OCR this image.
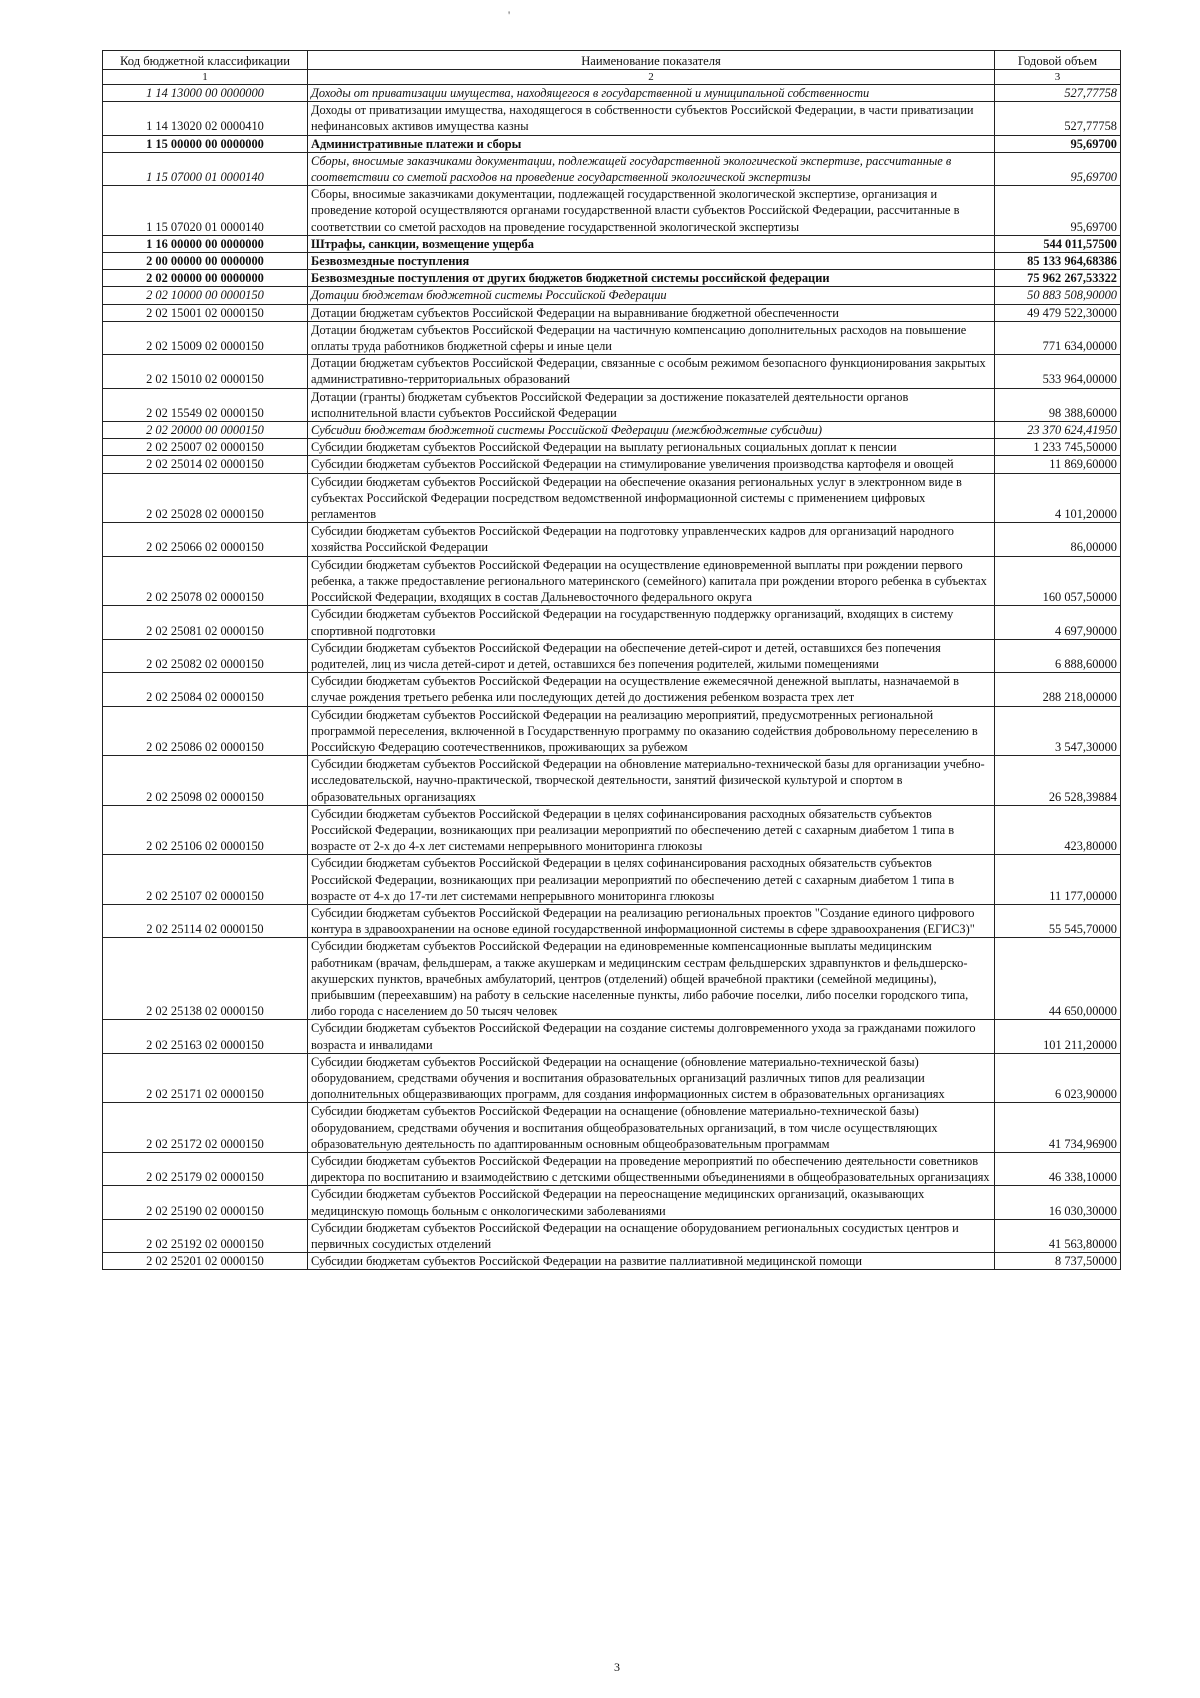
'
Код бюджетной классификации	Наименование показателя	Годовой объем
1	2	3
1 14 13000 00 0000000	Доходы от приватизации имущества, находящегося в государственной и муниципальной собственности	527,77758
1 14 13020 02 0000410	Доходы от приватизации имущества, находящегося в собственности субъектов Российской Федерации, в части приватизации нефинансовых активов имущества казны	527,77758
1 15 00000 00 0000000	Административные платежи и сборы	95,69700
1 15 07000 01 0000140	Сборы, вносимые заказчиками документации, подлежащей государственной экологической экспертизе, рассчитанные в соответствии со сметой расходов на проведение государственной экологической экспертизы	95,69700
1 15 07020 01 0000140	Сборы, вносимые заказчиками документации, подлежащей государственной экологической экспертизе, организация и проведение которой осуществляются органами государственной власти субъектов Российской Федерации, рассчитанные в соответствии со сметой расходов на проведение государственной экологической экспертизы	95,69700
1 16 00000 00 0000000	Штрафы, санкции, возмещение ущерба	544 011,57500
2 00 00000 00 0000000	Безвозмездные поступления	85 133 964,68386
2 02 00000 00 0000000	Безвозмездные поступления от других бюджетов бюджетной системы российской федерации	75 962 267,53322
2 02 10000 00 0000150	Дотации бюджетам бюджетной системы Российской Федерации	50 883 508,90000
2 02 15001 02 0000150	Дотации бюджетам субъектов Российской Федерации на выравнивание бюджетной обеспеченности	49 479 522,30000
2 02 15009 02 0000150	Дотации бюджетам субъектов Российской Федерации на частичную компенсацию дополнительных расходов на повышение оплаты труда работников бюджетной сферы и иные цели	771 634,00000
2 02 15010 02 0000150	Дотации бюджетам субъектов Российской Федерации, связанные с особым режимом безопасного функционирования закрытых административно-территориальных образований	533 964,00000
2 02 15549 02 0000150	Дотации (гранты) бюджетам субъектов Российской Федерации за достижение показателей деятельности органов исполнительной власти субъектов Российской Федерации	98 388,60000
2 02 20000 00 0000150	Субсидии бюджетам бюджетной системы Российской Федерации (межбюджетные субсидии)	23 370 624,41950
2 02 25007 02 0000150	Субсидии бюджетам субъектов Российской Федерации на выплату региональных социальных доплат к пенсии	1 233 745,50000
2 02 25014 02 0000150	Субсидии бюджетам субъектов Российской Федерации на стимулирование увеличения производства картофеля и овощей	11 869,60000
2 02 25028 02 0000150	Субсидии бюджетам субъектов Российской Федерации на обеспечение оказания региональных услуг в электронном виде в субъектах Российской Федерации посредством ведомственной информационной системы с применением цифровых регламентов	4 101,20000
2 02 25066 02 0000150	Субсидии бюджетам субъектов Российской Федерации на подготовку управленческих кадров для организаций народного хозяйства Российской Федерации	86,00000
2 02 25078 02 0000150	Субсидии бюджетам субъектов Российской Федерации на осуществление единовременной выплаты при рождении первого ребенка, а также предоставление регионального материнского (семейного) капитала при рождении второго ребенка в субъектах Российской Федерации, входящих в состав Дальневосточного федерального округа	160 057,50000
2 02 25081 02 0000150	Субсидии бюджетам субъектов Российской Федерации на государственную поддержку организаций, входящих в систему спортивной подготовки	4 697,90000
2 02 25082 02 0000150	Субсидии бюджетам субъектов Российской Федерации на обеспечение детей-сирот и детей, оставшихся без попечения родителей, лиц из числа детей-сирот и детей, оставшихся без попечения родителей, жилыми помещениями	6 888,60000
2 02 25084 02 0000150	Субсидии бюджетам субъектов Российской Федерации на осуществление ежемесячной денежной выплаты, назначаемой в случае рождения третьего ребенка или последующих детей до достижения ребенком возраста трех лет	288 218,00000
2 02 25086 02 0000150	Субсидии бюджетам субъектов Российской Федерации на реализацию мероприятий, предусмотренных региональной программой переселения, включенной в Государственную программу по оказанию содействия добровольному переселению в Российскую Федерацию соотечественников, проживающих за рубежом	3 547,30000
2 02 25098 02 0000150	Субсидии бюджетам субъектов Российской Федерации на обновление материально-технической базы для организации учебно-исследовательской, научно-практической, творческой деятельности, занятий физической культурой и спортом в образовательных организациях	26 528,39884
2 02 25106 02 0000150	Субсидии бюджетам субъектов Российской Федерации в целях софинансирования расходных обязательств субъектов Российской Федерации, возникающих при реализации мероприятий по обеспечению детей с сахарным диабетом 1 типа в возрасте от 2-х до 4-х лет системами непрерывного мониторинга глюкозы	423,80000
2 02 25107 02 0000150	Субсидии бюджетам субъектов Российской Федерации в целях софинансирования расходных обязательств субъектов Российской Федерации, возникающих при реализации мероприятий по обеспечению детей с сахарным диабетом 1 типа в возрасте от 4-х до 17-ти лет системами непрерывного мониторинга глюкозы	11 177,00000
2 02 25114 02 0000150	Субсидии бюджетам субъектов Российской Федерации на реализацию региональных проектов "Создание единого цифрового контура в здравоохранении на основе единой государственной информационной системы в сфере здравоохранения (ЕГИСЗ)"	55 545,70000
2 02 25138 02 0000150	Субсидии бюджетам субъектов Российской Федерации на единовременные компенсационные выплаты медицинским работникам (врачам, фельдшерам, а также акушеркам и медицинским сестрам фельдшерских здравпунктов и фельдшерско-акушерских пунктов, врачебных амбулаторий, центров (отделений) общей врачебной практики (семейной медицины), прибывшим (переехавшим) на работу в сельские населенные пункты, либо рабочие поселки, либо поселки городского типа, либо города с населением до 50 тысяч человек	44 650,00000
2 02 25163 02 0000150	Субсидии бюджетам субъектов Российской Федерации на создание системы долговременного ухода за гражданами пожилого возраста и инвалидами	101 211,20000
2 02 25171 02 0000150	Субсидии бюджетам субъектов Российской Федерации на оснащение (обновление материально-технической базы) оборудованием, средствами обучения и воспитания образовательных организаций различных типов для реализации дополнительных общеразвивающих программ, для создания информационных систем в образовательных организациях	6 023,90000
2 02 25172 02 0000150	Субсидии бюджетам субъектов Российской Федерации на оснащение (обновление материально-технической базы) оборудованием, средствами обучения и воспитания общеобразовательных организаций, в том числе осуществляющих образовательную деятельность по адаптированным основным общеобразовательным программам	41 734,96900
2 02 25179 02 0000150	Субсидии бюджетам субъектов Российской Федерации на проведение мероприятий по обеспечению деятельности советников директора по воспитанию и взаимодействию с детскими общественными объединениями в общеобразовательных организациях	46 338,10000
2 02 25190 02 0000150	Субсидии бюджетам субъектов Российской Федерации на переоснащение медицинских организаций, оказывающих медицинскую помощь больным с онкологическими заболеваниями	16 030,30000
2 02 25192 02 0000150	Субсидии бюджетам субъектов Российской Федерации на оснащение оборудованием региональных сосудистых центров и первичных сосудистых отделений	41 563,80000
2 02 25201 02 0000150	Субсидии бюджетам субъектов Российской Федерации на развитие паллиативной медицинской помощи	8 737,50000
3
